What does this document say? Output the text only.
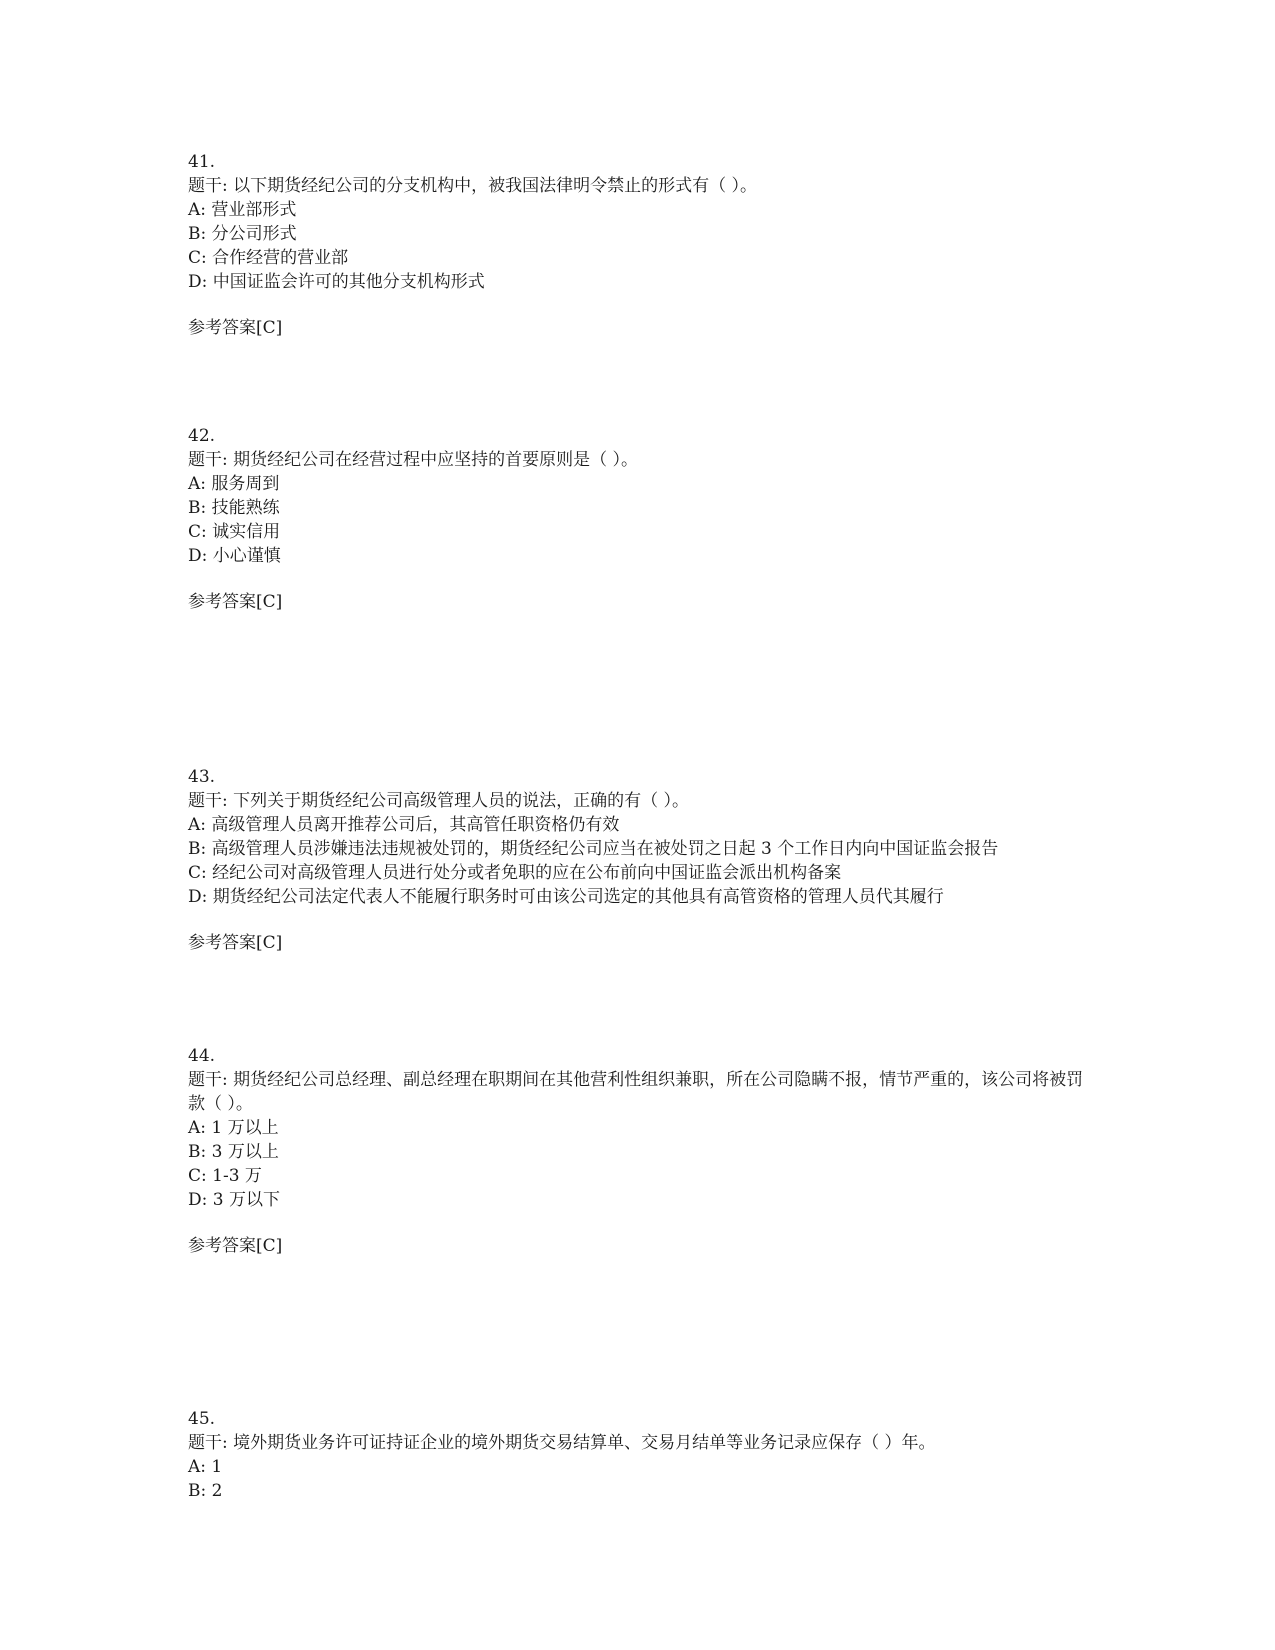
41.
题干: 以下期货经纪公司的分支机构中，被我国法律明令禁止的形式有（ ）。
A: 营业部形式
B: 分公司形式
C: 合作经营的营业部
D: 中国证监会许可的其他分支机构形式
参考答案[C]
42.
题干: 期货经纪公司在经营过程中应坚持的首要原则是（ ）。
A: 服务周到
B: 技能熟练
C: 诚实信用
D: 小心谨慎
参考答案[C]
43.
题干: 下列关于期货经纪公司高级管理人员的说法，正确的有（ ）。
A: 高级管理人员离开推荐公司后，其高管任职资格仍有效
B: 高级管理人员涉嫌违法违规被处罚的，期货经纪公司应当在被处罚之日起 3 个工作日内向中国证监会报告
C: 经纪公司对高级管理人员进行处分或者免职的应在公布前向中国证监会派出机构备案
D: 期货经纪公司法定代表人不能履行职务时可由该公司选定的其他具有高管资格的管理人员代其履行
参考答案[C]
44.
题干: 期货经纪公司总经理、副总经理在职期间在其他营利性组织兼职，所在公司隐瞒不报，情节严重的，该公司将被罚款（ ）。
A: 1 万以上
B: 3 万以上
C: 1-3 万
D: 3 万以下
参考答案[C]
45.
题干: 境外期货业务许可证持证企业的境外期货交易结算单、交易月结单等业务记录应保存（ ）年。
A: 1
B: 2
